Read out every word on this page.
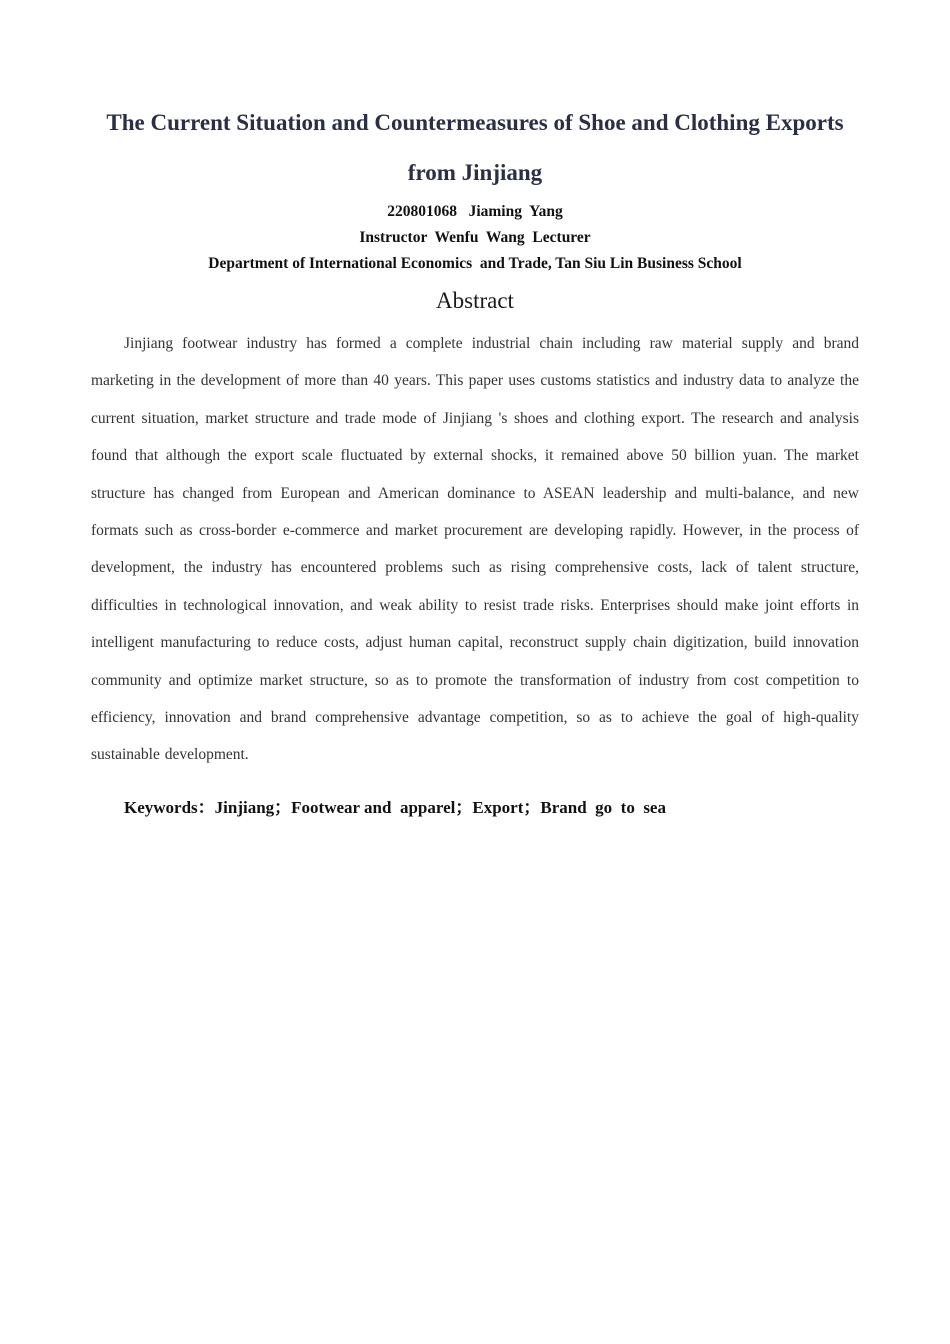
The Current Situation and Countermeasures of Shoe and Clothing Exports
from Jinjiang
220801068   Jiaming  Yang
Instructor  Wenfu  Wang  Lecturer
Department of International Economics  and Trade, Tan Siu Lin Business School
Abstract

Jinjiang footwear industry has formed a complete industrial chain including raw material supply and brand marketing in the development of more than 40 years. This paper uses customs statistics and industry data to analyze the current situation, market structure and trade mode of Jinjiang 's shoes and clothing export. The research and analysis found that although the export scale fluctuated by external shocks, it remained above 50 billion yuan. The market structure has changed from European and American dominance to ASEAN leadership and multi-balance, and new formats such as cross-border e-commerce and market procurement are developing rapidly. However, in the process of development, the industry has encountered problems such as rising comprehensive costs, lack of talent structure, difficulties in technological innovation, and weak ability to resist trade risks. Enterprises should make joint efforts in intelligent manufacturing to reduce costs, adjust human capital, reconstruct supply chain digitization, build innovation community and optimize market structure, so as to promote the transformation of industry from cost competition to efficiency, innovation and brand comprehensive advantage competition, so as to achieve the goal of high-quality sustainable development.

Keywords：Jinjiang；Footwear and  apparel；Export；Brand  go  to  sea
